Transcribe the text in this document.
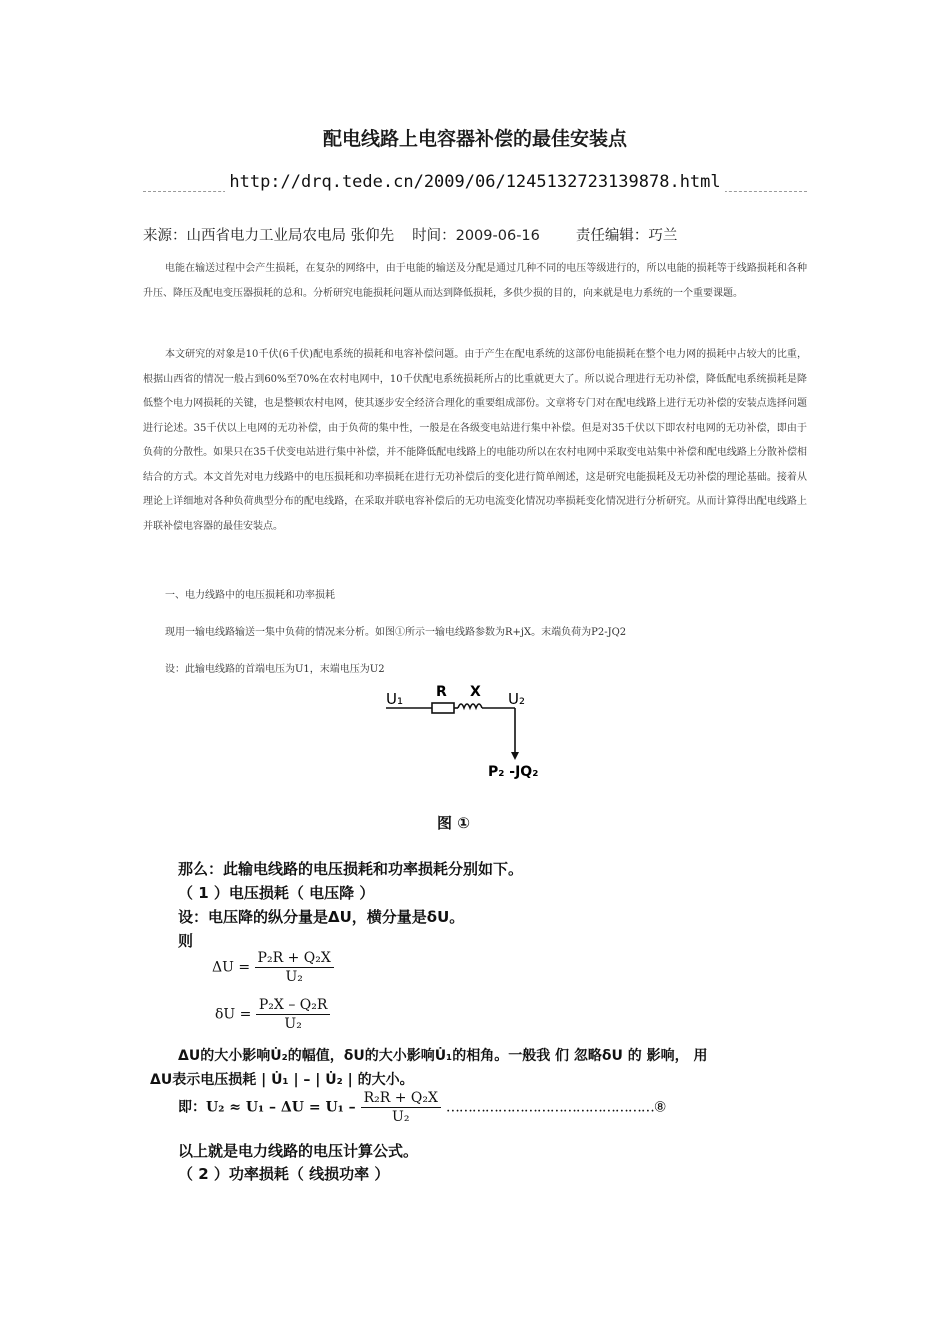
配电线路上电容器补偿的最佳安装点
http://drq.tede.cn/2009/06/1245132723139878.html
来源：山西省电力工业局农电局 张仰先 时间：2009-06-16 责任编辑：巧兰

电能在输送过程中会产生损耗，在复杂的网络中，由于电能的输送及分配是通过几种不同的电压等级进行的，所以电能的损耗等于线路损耗和各种升压、降压及配电变压器损耗的总和。分析研究电能损耗问题从而达到降低损耗，多供少损的目的，向来就是电力系统的一个重要课题。

本文研究的对象是10千伏(6千伏)配电系统的损耗和电容补偿问题。由于产生在配电系统的这部份电能损耗在整个电力网的损耗中占较大的比重，根据山西省的情况一般占到60%至70%在农村电网中，10千伏配电系统损耗所占的比重就更大了。所以说合理进行无功补偿，降低配电系统损耗是降低整个电力网损耗的关键，也是整顿农村电网，使其逐步安全经济合理化的重要组成部份。文章将专门对在配电线路上进行无功补偿的安装点选择问题进行论述。35千伏以上电网的无功补偿，由于负荷的集中性，一般是在各级变电站进行集中补偿。但是对35千伏以下即农村电网的无功补偿，即由于负荷的分散性。如果只在35千伏变电站进行集中补偿，并不能降低配电线路上的电能功所以在农村电网中采取变电站集中补偿和配电线路上分散补偿相结合的方式。本文首先对电力线路中的电压损耗和功率损耗在进行无功补偿后的变化进行简单阐述，这是研究电能损耗及无功补偿的理论基础。接着从理论上详细地对各种负荷典型分布的配电线路，在采取并联电容补偿后的无功电流变化情况功率损耗变化情况进行分析研究。从而计算得出配电线路上并联补偿电容器的最佳安装点。

一、电力线路中的电压损耗和功率损耗
现用一输电线路输送一集中负荷的情况来分析。如图①所示一输电线路参数为R+jX。末端负荷为P2-JQ2
设：此输电线路的首端电压为U1，末端电压为U2
U₁ R X U₂
P₂ -JQ₂
图 ①
那么：此输电线路的电压损耗和功率损耗分别如下。
（ 1 ）电压损耗（ 电压降 ）
设：电压降的纵分量是ΔU，横分量是δU。
则
$\Delta U = \frac{\text{P₂R + Q₂X}}{\text{U₂}}$
$\delta U = \frac{\text{P₂X – Q₂R}}{\text{U₂}}$
ΔU的大小影响U̇₂的幅值，δU的大小影响U̇₁的相角。一般我 们 忽略δU 的 影响， 用
ΔU表示电压损耗 | U̇₁ | – | U̇₂ | 的大小。
即：$U_2 \approx U_1 - \Delta U = U_1 - \frac{\text{R₂R + Q₂X}}{\text{U₂}}$ …………………………………………⑧
以上就是电力线路的电压计算公式。
（ 2 ）功率损耗（ 线损功率 ）
